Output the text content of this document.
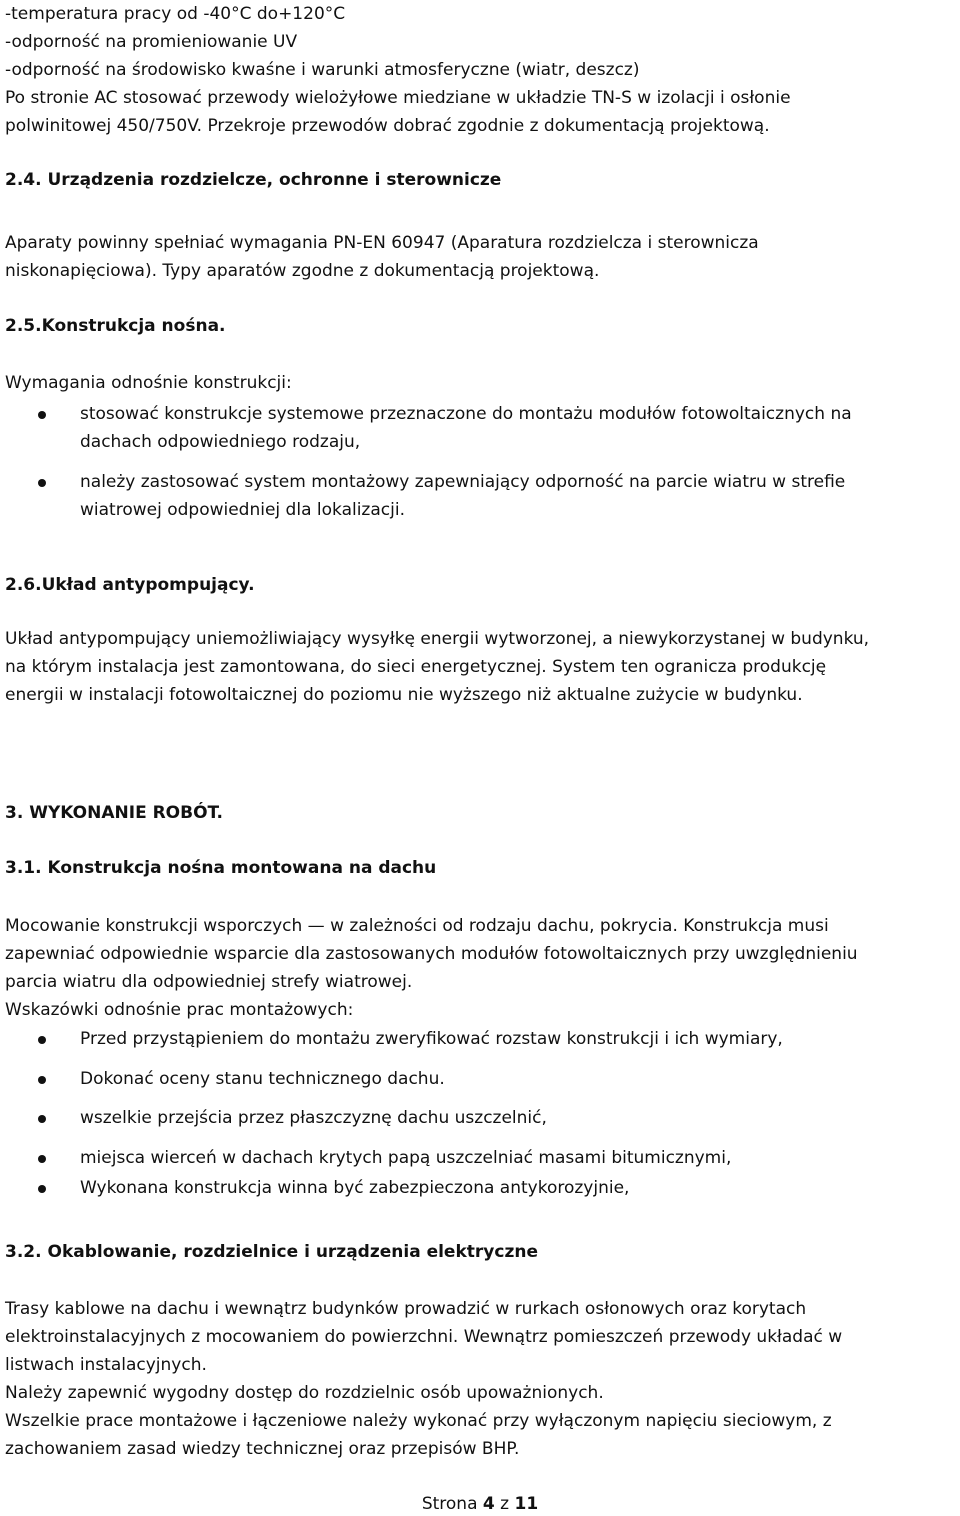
-temperatura pracy od -40°C do+120°C
-odporność na promieniowanie UV
-odporność na środowisko kwaśne i warunki atmosferyczne (wiatr, deszcz)
Po stronie AC stosować przewody wielożyłowe miedziane w układzie TN-S w izolacji i osłonie
polwinitowej 450/750V. Przekroje przewodów dobrać zgodnie z dokumentacją projektową.
2.4. Urządzenia rozdzielcze, ochronne i sterownicze
Aparaty powinny spełniać wymagania PN-EN 60947 (Aparatura rozdzielcza i sterownicza
niskonapięciowa). Typy aparatów zgodne z dokumentacją projektową.
2.5.Konstrukcja nośna.
Wymagania odnośnie konstrukcji:
stosować konstrukcje systemowe przeznaczone do montażu modułów fotowoltaicznych na
dachach odpowiedniego rodzaju,
należy zastosować system montażowy zapewniający odporność na parcie wiatru w strefie
wiatrowej odpowiedniej dla lokalizacji.
2.6.Układ antypompujący.
Układ antypompujący uniemożliwiający wysyłkę energii wytworzonej, a niewykorzystanej w budynku,
na którym instalacja jest zamontowana, do sieci energetycznej. System ten ogranicza produkcję
energii w instalacji fotowoltaicznej do poziomu nie wyższego niż aktualne zużycie w budynku.
3. WYKONANIE ROBÓT.
3.1. Konstrukcja nośna montowana na dachu
Mocowanie konstrukcji wsporczych — w zależności od rodzaju dachu, pokrycia. Konstrukcja musi
zapewniać odpowiednie wsparcie dla zastosowanych modułów fotowoltaicznych przy uwzględnieniu
parcia wiatru dla odpowiedniej strefy wiatrowej.
Wskazówki odnośnie prac montażowych:
Przed przystąpieniem do montażu zweryfikować rozstaw konstrukcji i ich wymiary,
Dokonać oceny stanu technicznego dachu.
wszelkie przejścia przez płaszczyznę dachu uszczelnić,
miejsca wierceń w dachach krytych papą uszczelniać masami bitumicznymi,
Wykonana konstrukcja winna być zabezpieczona antykorozyjnie,
3.2. Okablowanie, rozdzielnice i urządzenia elektryczne
Trasy kablowe na dachu i wewnątrz budynków prowadzić w rurkach osłonowych oraz korytach
elektroinstalacyjnych z mocowaniem do powierzchni. Wewnątrz pomieszczeń przewody układać w
listwach instalacyjnych.
Należy zapewnić wygodny dostęp do rozdzielnic osób upoważnionych.
Wszelkie prace montażowe i łączeniowe należy wykonać przy wyłączonym napięciu sieciowym, z
zachowaniem zasad wiedzy technicznej oraz przepisów BHP.
Strona 4 z 11
